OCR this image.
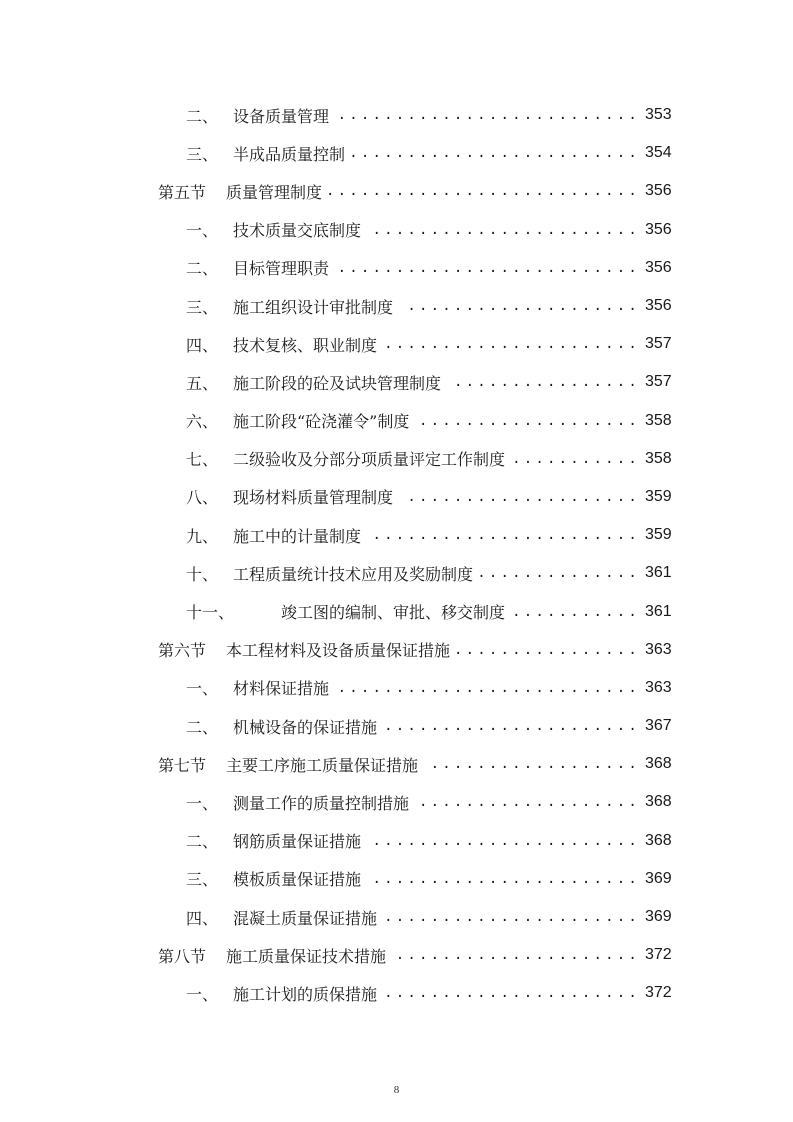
二、 设备质量管理 .......................... 353
三、 半成品质量控制 ......................... 354
第五节 质量管理制度 ........................... 356
一、 技术质量交底制度 ....................... 356
二、 目标管理职责 .......................... 356
三、 施工组织设计审批制度	.................... 356
四、 技术复核、职业制度 ...................... 357
五、 施工阶段的砼及试块管理制度 ................ 357
六、 施工阶段“砼浇灌令”制度 ................... 358
七、 二级验收及分部分项质量评定工作制度 ........... 358
八、 现场材料质量管理制度	.................... 359
九、 施工中的计量制度 ....................... 359
十、 工程质量统计技术应用及奖励制度 .............. 361
十一、	竣工图的编制、审批、移交制度 ........... 361
第六节 本工程材料及设备质量保证措施 ................ 363
一、 材料保证措施 .......................... 363
二、 机械设备的保证措施 ...................... 367
第七节 主要工序施工质量保证措施 .................. 368
一、 测量工作的质量控制措施 ................... 368
二、 钢筋质量保证措施 ....................... 368
三、 模板质量保证措施 ....................... 369
四、 混凝土质量保证措施 ...................... 369
第八节 施工质量保证技术措施 ..................... 372
一、 施工计划的质保措施 ...................... 372
8
